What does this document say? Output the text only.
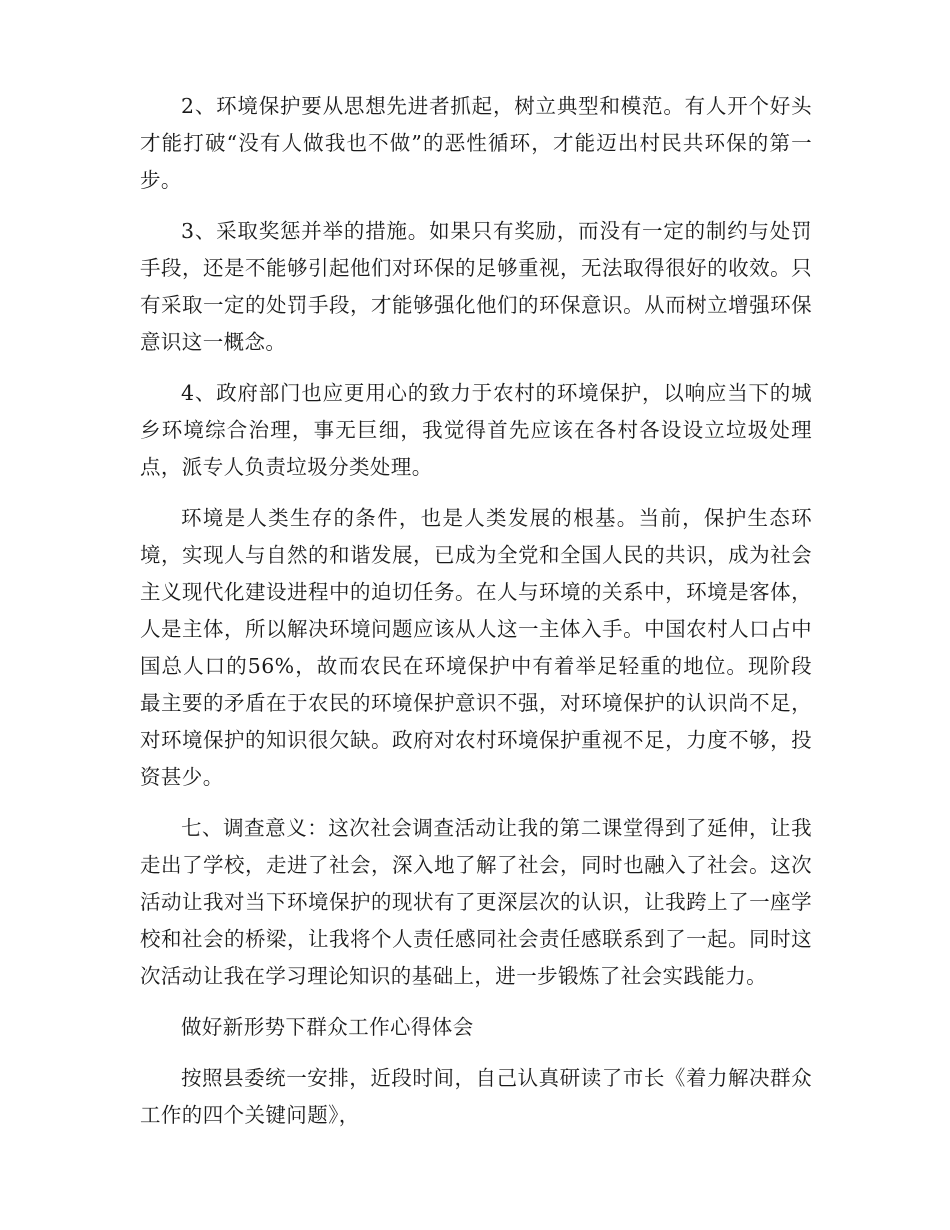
2、环境保护要从思想先进者抓起，树立典型和模范。有人开个好头才能打破“没有人做我也不做”的恶性循环，才能迈出村民共环保的第一步。

3、采取奖惩并举的措施。如果只有奖励，而没有一定的制约与处罚手段，还是不能够引起他们对环保的足够重视，无法取得很好的收效。只有采取一定的处罚手段，才能够强化他们的环保意识。从而树立增强环保意识这一概念。

4、政府部门也应更用心的致力于农村的环境保护，以响应当下的城乡环境综合治理，事无巨细，我觉得首先应该在各村各设设立垃圾处理点，派专人负责垃圾分类处理。

环境是人类生存的条件，也是人类发展的根基。当前，保护生态环境，实现人与自然的和谐发展，已成为全党和全国人民的共识，成为社会主义现代化建设进程中的迫切任务。在人与环境的关系中，环境是客体，人是主体，所以解决环境问题应该从人这一主体入手。中国农村人口占中国总人口的56%，故而农民在环境保护中有着举足轻重的地位。现阶段最主要的矛盾在于农民的环境保护意识不强，对环境保护的认识尚不足，对环境保护的知识很欠缺。政府对农村环境保护重视不足，力度不够，投资甚少。

七、调查意义：这次社会调查活动让我的第二课堂得到了延伸，让我走出了学校，走进了社会，深入地了解了社会，同时也融入了社会。这次活动让我对当下环境保护的现状有了更深层次的认识，让我跨上了一座学校和社会的桥梁，让我将个人责任感同社会责任感联系到了一起。同时这次活动让我在学习理论知识的基础上，进一步锻炼了社会实践能力。

做好新形势下群众工作心得体会

按照县委统一安排，近段时间，自己认真研读了市长《着力解决群众工作的四个关键问题》，
